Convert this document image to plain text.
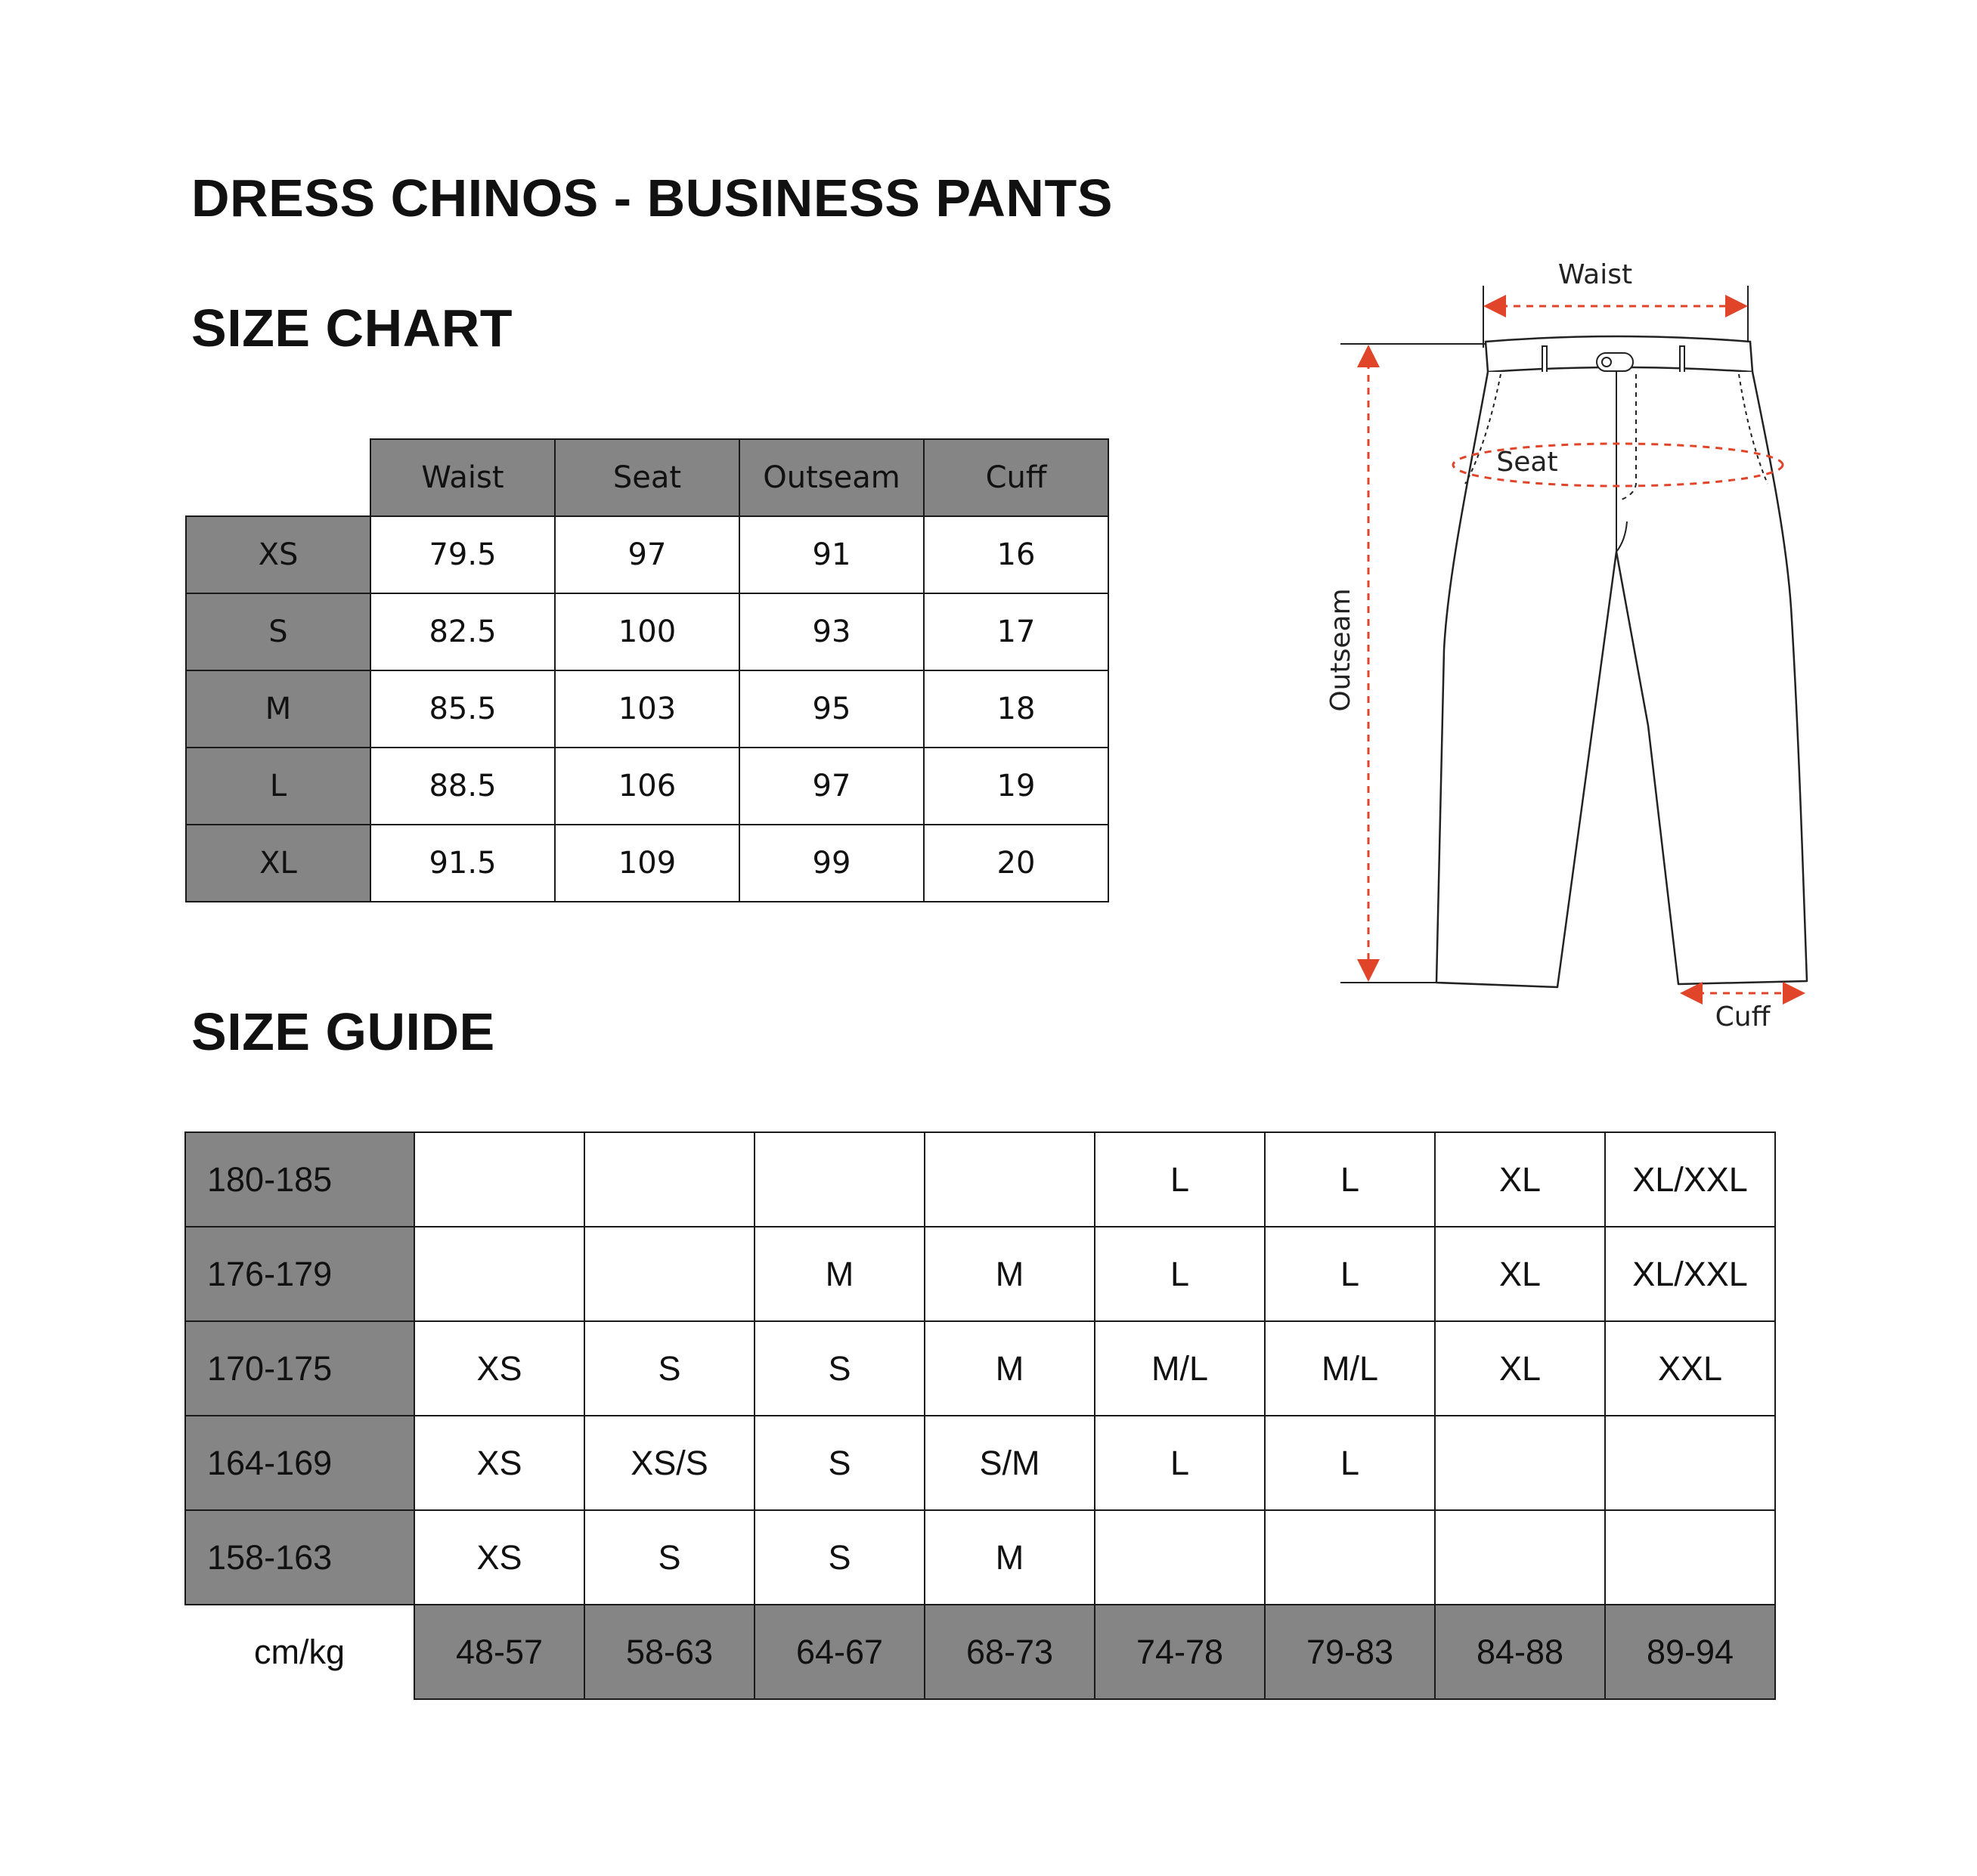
DRESS CHINOS - BUSINESS PANTS
SIZE CHART
SIZE GUIDE
	Waist	Seat	Outseam	Cuff
XS	79.5	97	91	16
S	82.5	100	93	17
M	85.5	103	95	18
L	88.5	106	97	19
XL	91.5	109	99	20
Waist
Outseam
Seat
Cuff
180-185					L	L	XL	XL/XXL
176-179			M	M	L	L	XL	XL/XXL
170-175	XS	S	S	M	M/L	M/L	XL	XXL
164-169	XS	XS/S	S	S/M	L	L		
158-163	XS	S	S	M				
cm/kg	48-57	58-63	64-67	68-73	74-78	79-83	84-88	89-94
